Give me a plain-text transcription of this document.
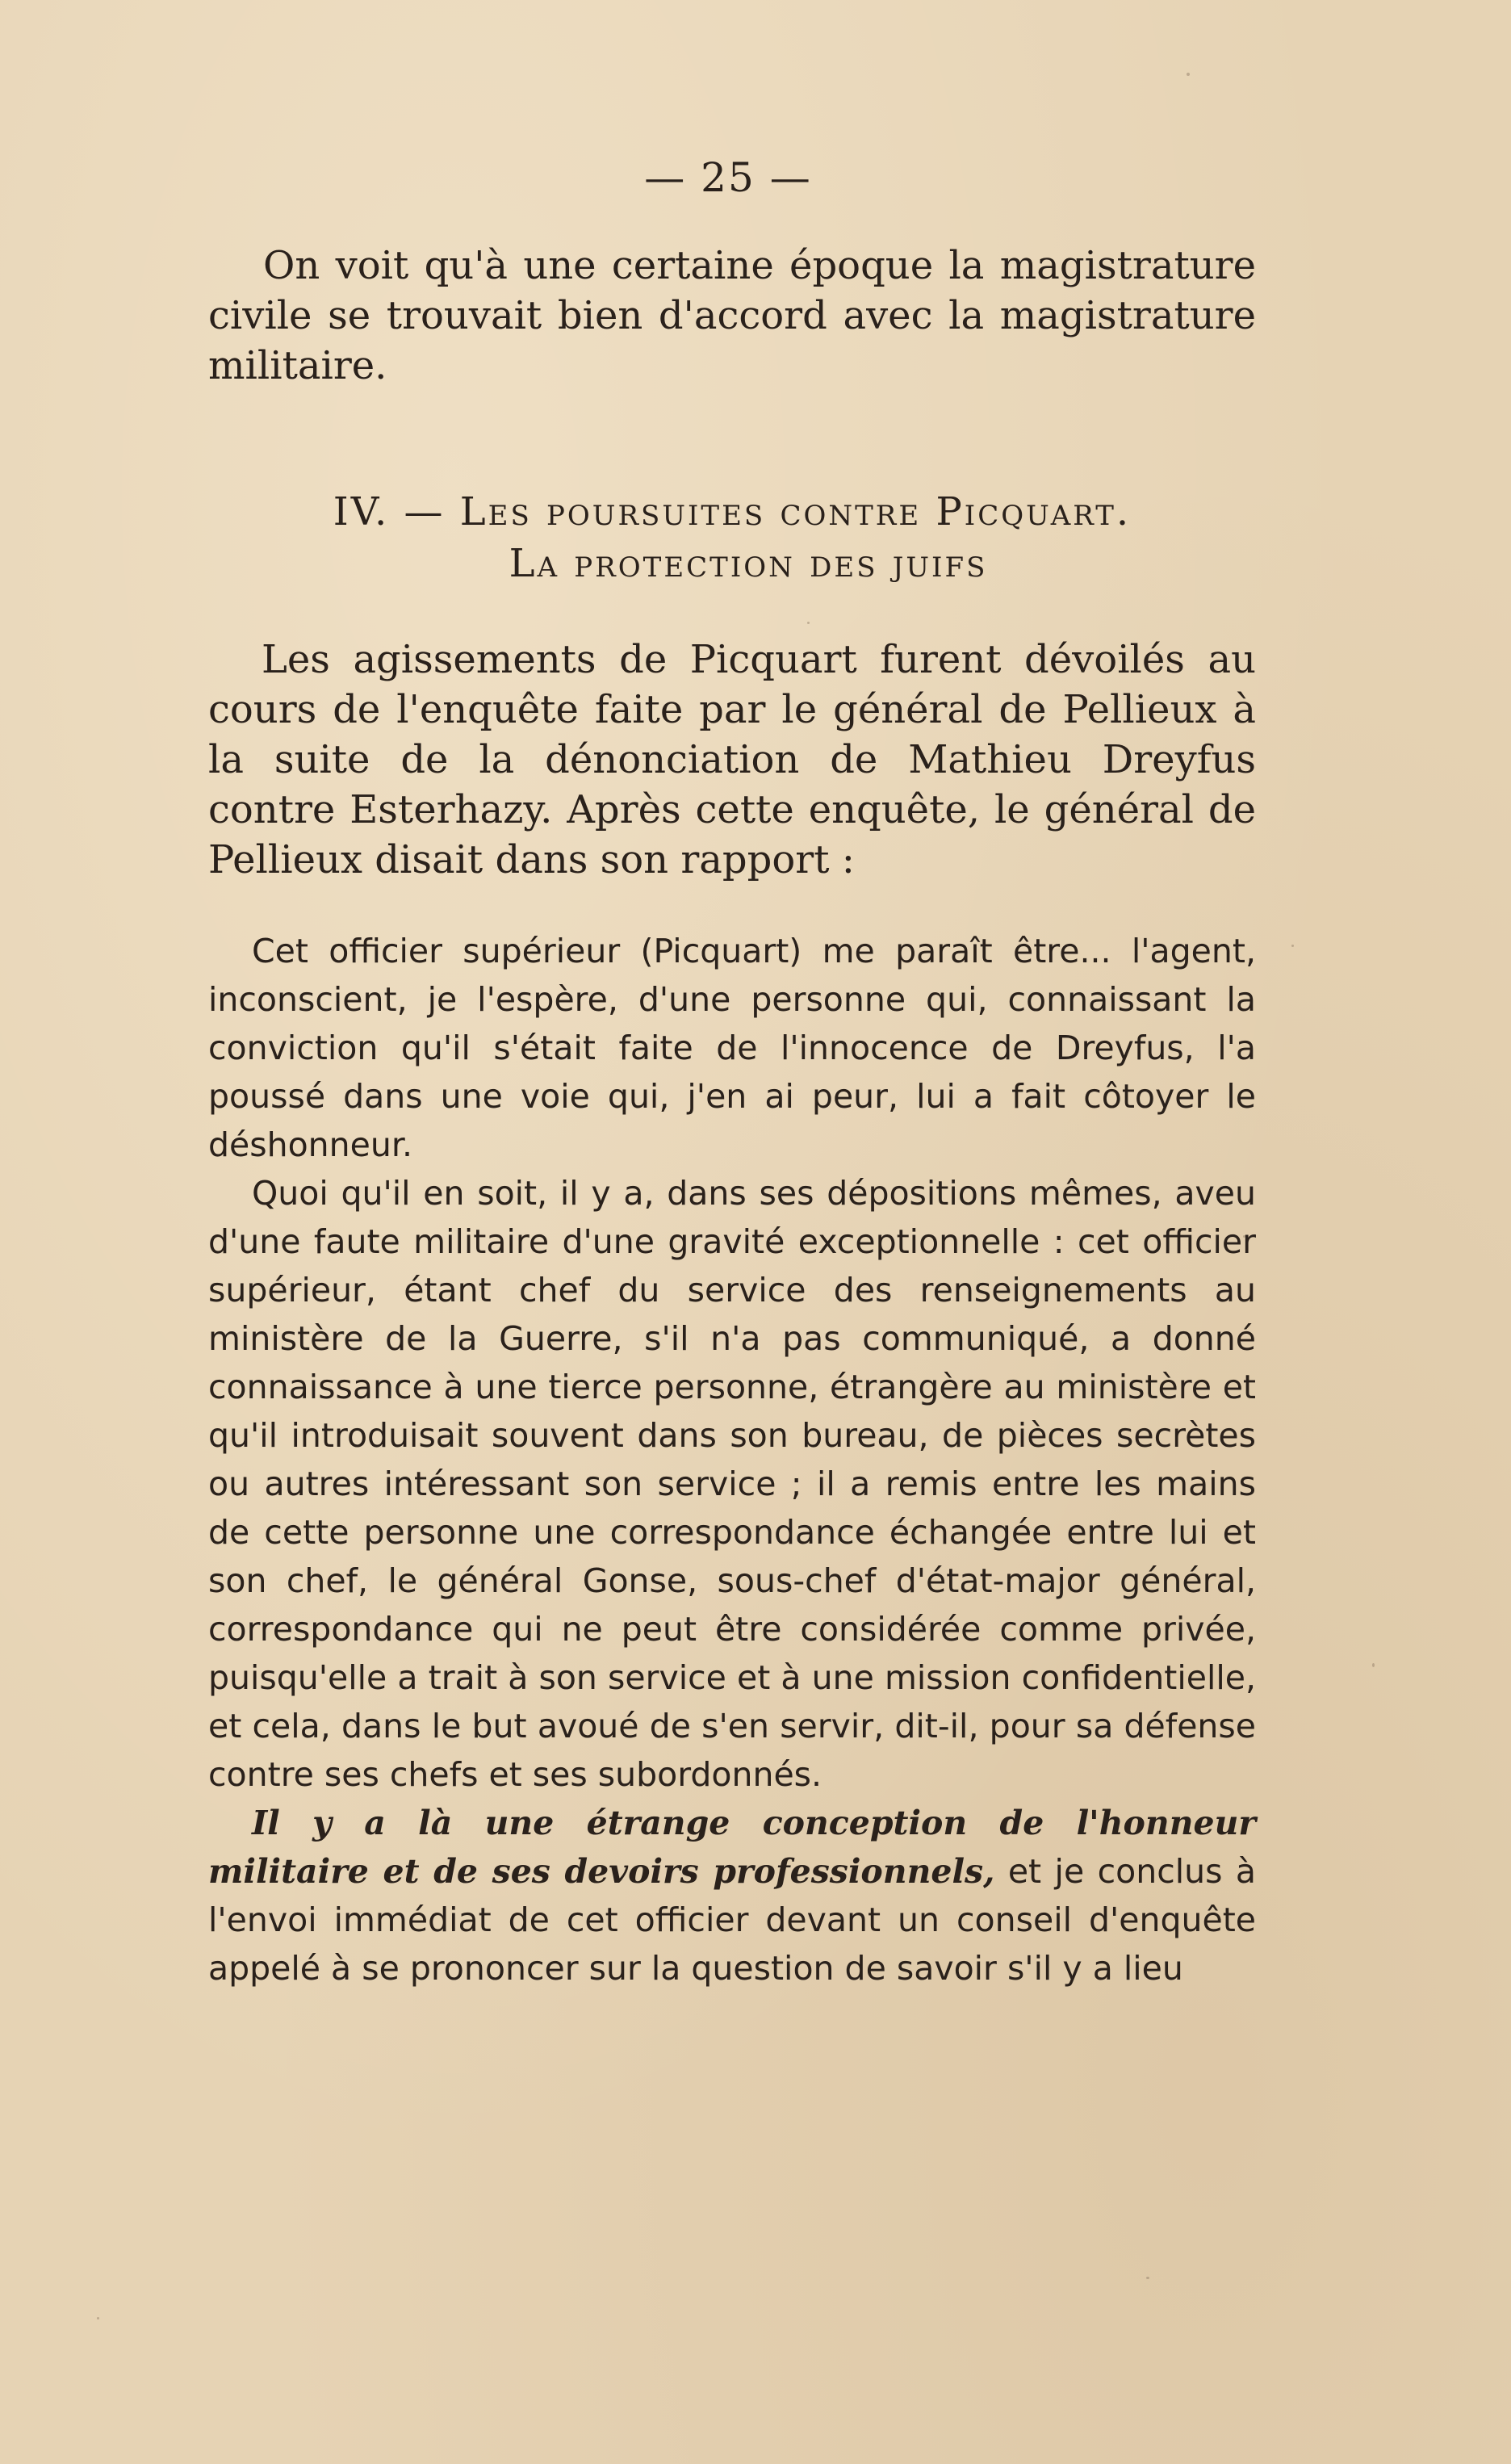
— 25 —

On voit qu'à une certaine époque la magistrature civile se trouvait bien d'accord avec la magistrature militaire.

IV. — Les poursuites contre Picquart.
La protection des juifs

Les agissements de Picquart furent dévoilés au cours de l'enquête faite par le général de Pellieux à la suite de la dénonciation de Mathieu Dreyfus contre Esterhazy. Après cette enquête, le général de Pellieux disait dans son rapport :

Cet officier supérieur (Picquart) me paraît être... l'agent, inconscient, je l'espère, d'une personne qui, connaissant la conviction qu'il s'était faite de l'innocence de Dreyfus, l'a poussé dans une voie qui, j'en ai peur, lui a fait côtoyer le déshonneur.

Quoi qu'il en soit, il y a, dans ses dépositions mêmes, aveu d'une faute militaire d'une gravité exceptionnelle : cet officier supérieur, étant chef du service des renseignements au ministère de la Guerre, s'il n'a pas communiqué, a donné connaissance à une tierce personne, étrangère au ministère et qu'il introduisait souvent dans son bureau, de pièces secrètes ou autres intéressant son service ; il a remis entre les mains de cette personne une correspondance échangée entre lui et son chef, le général Gonse, sous-chef d'état-major général, correspondance qui ne peut être considérée comme privée, puisqu'elle a trait à son service et à une mission confidentielle, et cela, dans le but avoué de s'en servir, dit-il, pour sa défense contre ses chefs et ses subordonnés.

Il y a là une étrange conception de l'honneur militaire et de ses devoirs professionnels, et je conclus à l'envoi immédiat de cet officier devant un conseil d'enquête appelé à se prononcer sur la question de savoir s'il y a lieu
